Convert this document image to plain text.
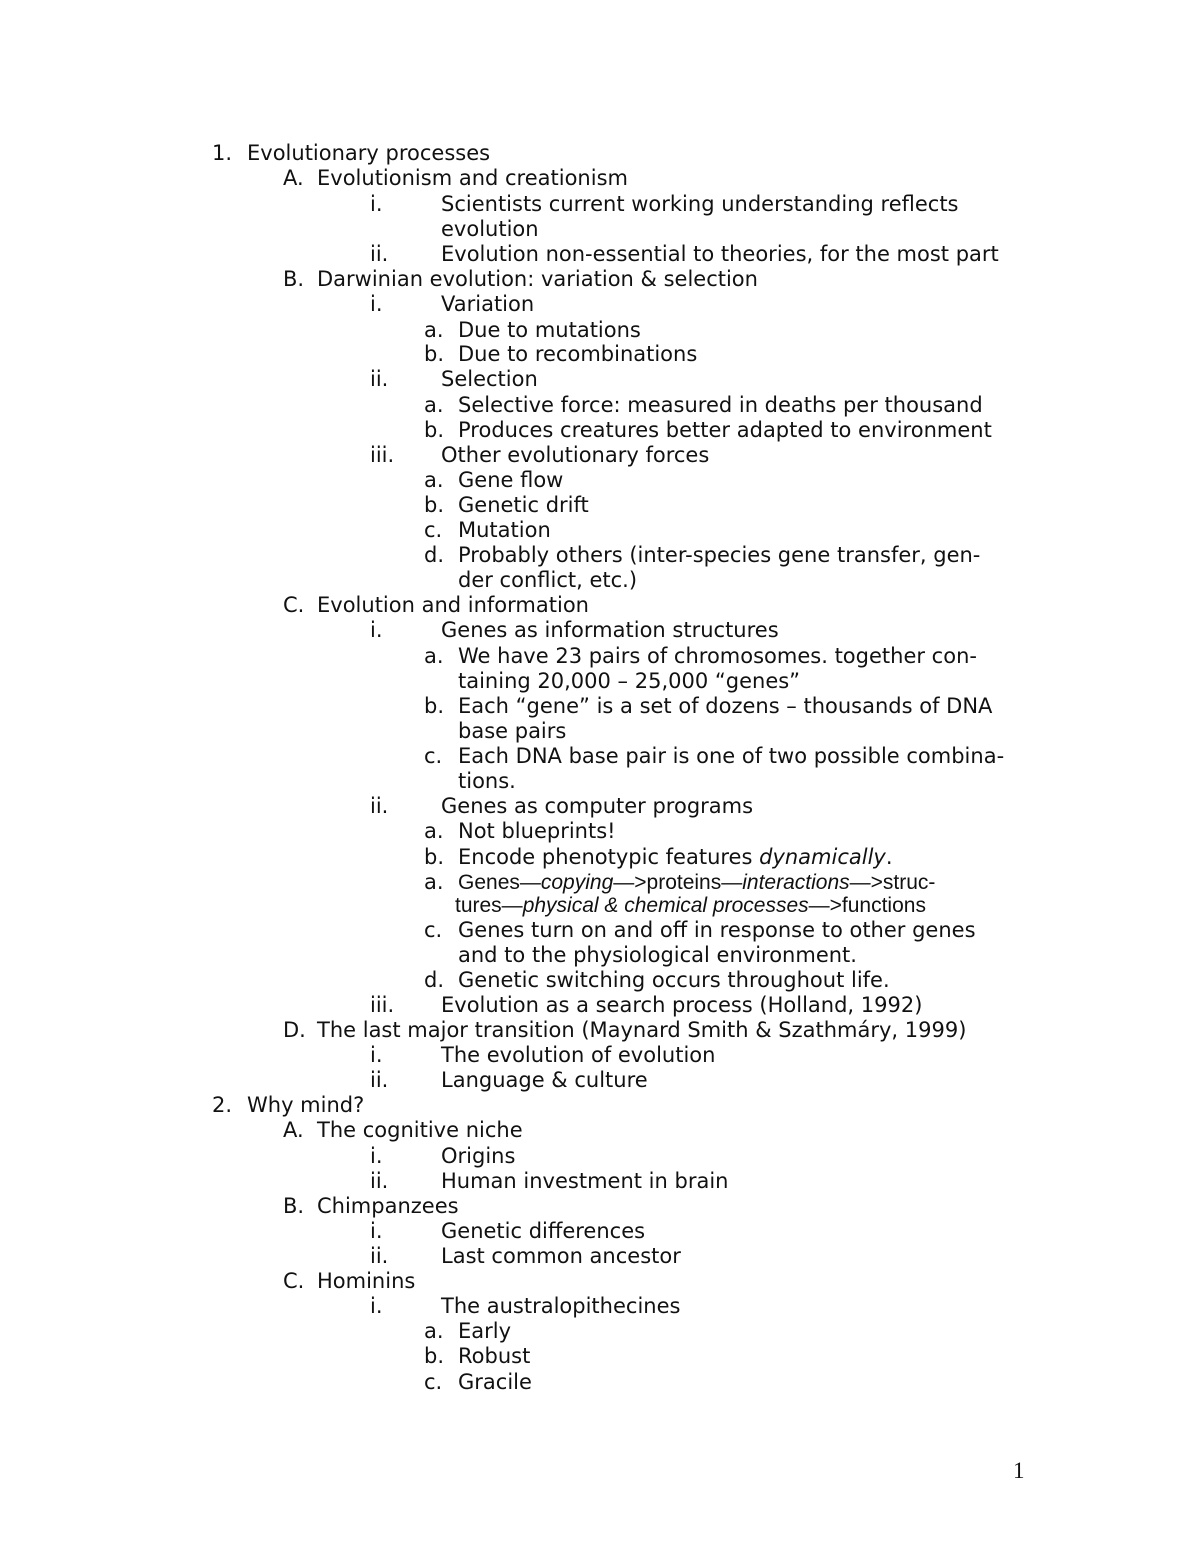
1. Evolutionary processes
A. Evolutionism and creationism
i.	Scientists current working understanding reflects
evolution
ii.	Evolution non-essential to theories, for the most part
B. Darwinian evolution: variation & selection
i.	Variation
a. Due to mutations
b. Due to recombinations
ii.	Selection
a. Selective force: measured in deaths per thousand
b. Produces creatures better adapted to environment
iii. Other evolutionary forces
a. Gene flow
b. Genetic drift
c. Mutation
d. Probably others (inter-species gene transfer, gen-
der conflict, etc.)
C. Evolution and information
i.	Genes as information structures
a. We have 23 pairs of chromosomes. together con-
taining 20,000 – 25,000 “genes”
b. Each “gene” is a set of dozens – thousands of DNA
base pairs
c. Each DNA base pair is one of two possible combina-
tions.
ii.	Genes as computer programs
a. Not blueprints!
b. Encode phenotypic features dynamically.
a. Genes—copying—>proteins—interactions—>struc-
tures—physical & chemical processes—>functions
c. Genes turn on and off in response to other genes
and to the physiological environment.
d. Genetic switching occurs throughout life.
iii. Evolution as a search process (Holland, 1992)
D. The last major transition (Maynard Smith & Szathmáry, 1999)
i.	The evolution of evolution
ii.	Language & culture
2. Why mind?
A. The cognitive niche
i.	Origins
ii.	Human investment in brain
B. Chimpanzees
i.	Genetic differences
ii.	Last common ancestor
C. Hominins
i.	The australopithecines
a. Early
b. Robust
c. Gracile
1
